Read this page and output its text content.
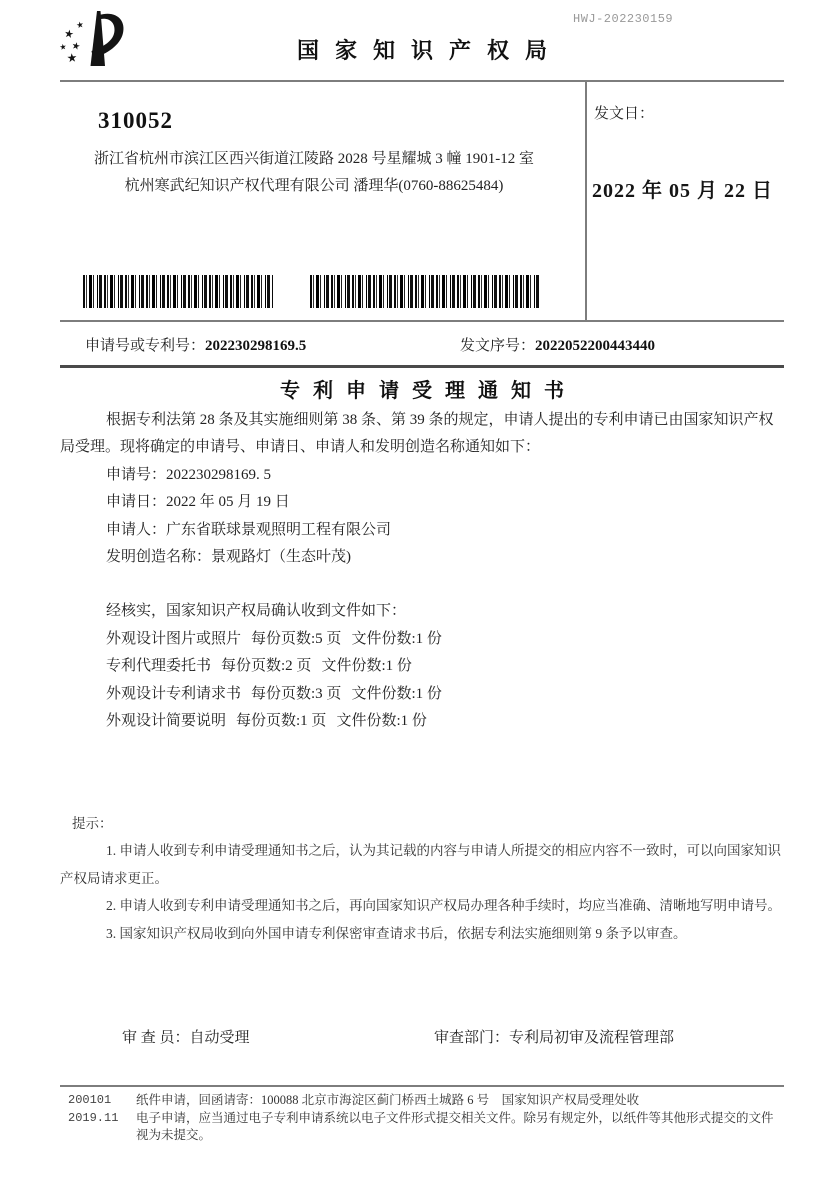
HWJ-202230159
国家知识产权局
310052
浙江省杭州市滨江区西兴街道江陵路 2028 号星耀城 3 幢 1901-12 室
杭州寒武纪知识产权代理有限公司 潘理华(0760-88625484)
发文日：
2022 年 05 月 22 日
申请号或专利号：202230298169.5	发文序号：2022052200443440
专利申请受理通知书

根据专利法第 28 条及其实施细则第 38 条、第 39 条的规定，申请人提出的专利申请已由国家知识产权局受理。现将确定的申请号、申请日、申请人和发明创造名称通知如下：

申请号：202230298169. 5
申请日：2022 年 05 月 19 日
申请人：广东省联球景观照明工程有限公司
发明创造名称：景观路灯（生态叶茂)
经核实，国家知识产权局确认收到文件如下：
外观设计图片或照片 每份页数:5 页 文件份数:1 份
专利代理委托书 每份页数:2 页 文件份数:1 份
外观设计专利请求书 每份页数:3 页 文件份数:1 份
外观设计简要说明 每份页数:1 页 文件份数:1 份
提示：
1. 申请人收到专利申请受理通知书之后，认为其记载的内容与申请人所提交的相应内容不一致时，可以向国家知识产权局请求更正。
2. 申请人收到专利申请受理通知书之后，再向国家知识产权局办理各种手续时，均应当准确、清晰地写明申请号。
3. 国家知识产权局收到向外国申请专利保密审查请求书后，依据专利法实施细则第 9 条予以审查。
审 查 员：自动受理	审查部门：专利局初审及流程管理部
200101	纸件申请，回函请寄：100088 北京市海淀区蓟门桥西土城路 6 号　国家知识产权局受理处收
2019.11	电子申请，应当通过电子专利申请系统以电子文件形式提交相关文件。除另有规定外，以纸件等其他形式提交的文件视为未提交。
